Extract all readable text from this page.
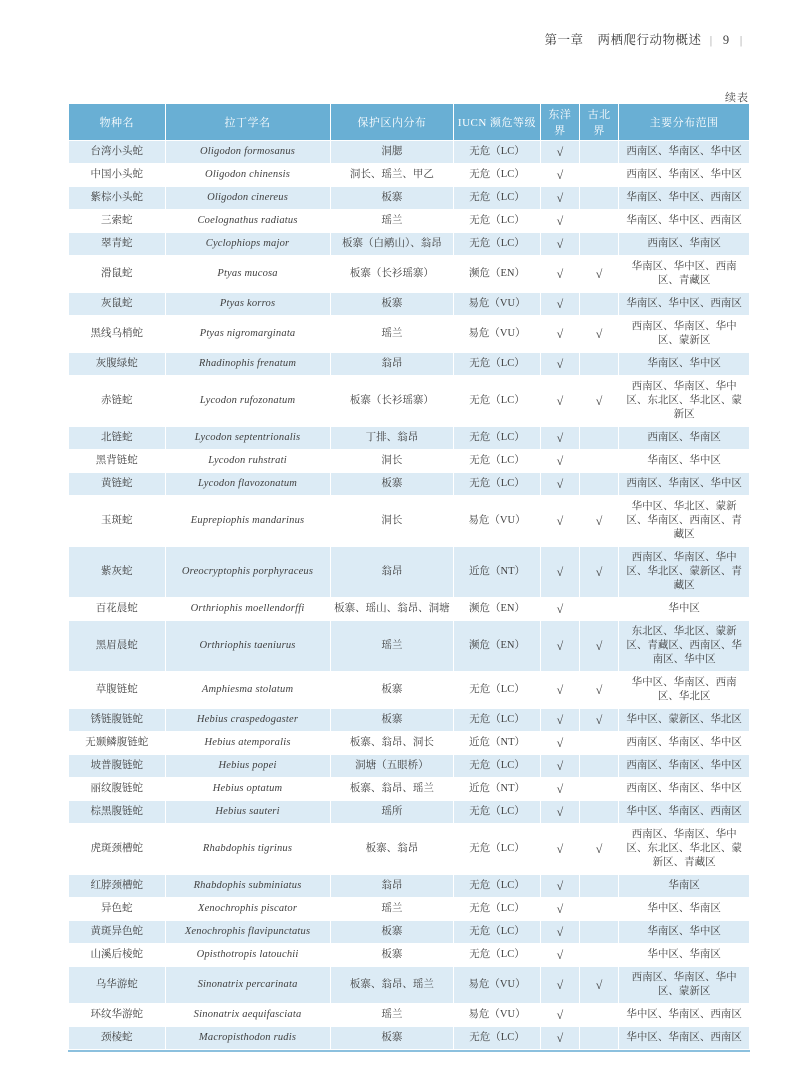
第一章 两栖爬行动物概述 | 9 |
续表
物种名	拉丁学名	保护区内分布	IUCN 濒危等级	东洋界	古北界	主要分布范围
台湾小头蛇	Oligodon formosanus	洞腮	无危（LC）	√		西南区、华南区、华中区
中国小头蛇	Oligodon chinensis	洞长、瑶兰、甲乙	无危（LC）	√		西南区、华南区、华中区
紫棕小头蛇	Oligodon cinereus	板寨	无危（LC）	√		华南区、华中区、西南区
三索蛇	Coelognathus radiatus	瑶兰	无危（LC）	√		华南区、华中区、西南区
翠青蛇	Cyclophiops major	板寨（白鹇山）、翁昂	无危（LC）	√		西南区、华南区
滑鼠蛇	Ptyas mucosa	板寨（长衫瑶寨）	濒危（EN）	√	√	华南区、华中区、西南区、青藏区
灰鼠蛇	Ptyas korros	板寨	易危（VU）	√		华南区、华中区、西南区
黑线乌梢蛇	Ptyas nigromarginata	瑶兰	易危（VU）	√	√	西南区、华南区、华中区、蒙新区
灰腹绿蛇	Rhadinophis frenatum	翁昂	无危（LC）	√		华南区、华中区
赤链蛇	Lycodon rufozonatum	板寨（长衫瑶寨）	无危（LC）	√	√	西南区、华南区、华中区、东北区、华北区、蒙新区
北链蛇	Lycodon septentrionalis	丁排、翁昂	无危（LC）	√		西南区、华南区
黑背链蛇	Lycodon ruhstrati	洞长	无危（LC）	√		华南区、华中区
黄链蛇	Lycodon flavozonatum	板寨	无危（LC）	√		西南区、华南区、华中区
玉斑蛇	Euprepiophis mandarinus	洞长	易危（VU）	√	√	华中区、华北区、蒙新区、华南区、西南区、青藏区
紫灰蛇	Oreocryptophis porphyraceus	翁昂	近危（NT）	√	√	西南区、华南区、华中区、华北区、蒙新区、青藏区
百花晨蛇	Orthriophis moellendorffi	板寨、瑶山、翁昂、洞塘	濒危（EN）	√		华中区
黑眉晨蛇	Orthriophis taeniurus	瑶兰	濒危（EN）	√	√	东北区、华北区、蒙新区、青藏区、西南区、华南区、华中区
草腹链蛇	Amphiesma stolatum	板寨	无危（LC）	√	√	华中区、华南区、西南区、华北区
锈链腹链蛇	Hebius craspedogaster	板寨	无危（LC）	√	√	华中区、蒙新区、华北区
无颞鳞腹链蛇	Hebius atemporalis	板寨、翁昂、洞长	近危（NT）	√		西南区、华南区、华中区
坡普腹链蛇	Hebius popei	洞塘（五眼桥）	无危（LC）	√		西南区、华南区、华中区
丽纹腹链蛇	Hebius optatum	板寨、翁昂、瑶兰	近危（NT）	√		西南区、华南区、华中区
棕黑腹链蛇	Hebius sauteri	瑶所	无危（LC）	√		华中区、华南区、西南区
虎斑颈槽蛇	Rhabdophis tigrinus	板寨、翁昂	无危（LC）	√	√	西南区、华南区、华中区、东北区、华北区、蒙新区、青藏区
红脖颈槽蛇	Rhabdophis subminiatus	翁昂	无危（LC）	√		华南区
异色蛇	Xenochrophis piscator	瑶兰	无危（LC）	√		华中区、华南区
黄斑异色蛇	Xenochrophis flavipunctatus	板寨	无危（LC）	√		华南区、华中区
山溪后棱蛇	Opisthotropis latouchii	板寨	无危（LC）	√		华中区、华南区
乌华游蛇	Sinonatrix percarinata	板寨、翁昂、瑶兰	易危（VU）	√	√	西南区、华南区、华中区、蒙新区
环纹华游蛇	Sinonatrix aequifasciata	瑶兰	易危（VU）	√		华中区、华南区、西南区
颈棱蛇	Macropisthodon rudis	板寨	无危（LC）	√		华中区、华南区、西南区
